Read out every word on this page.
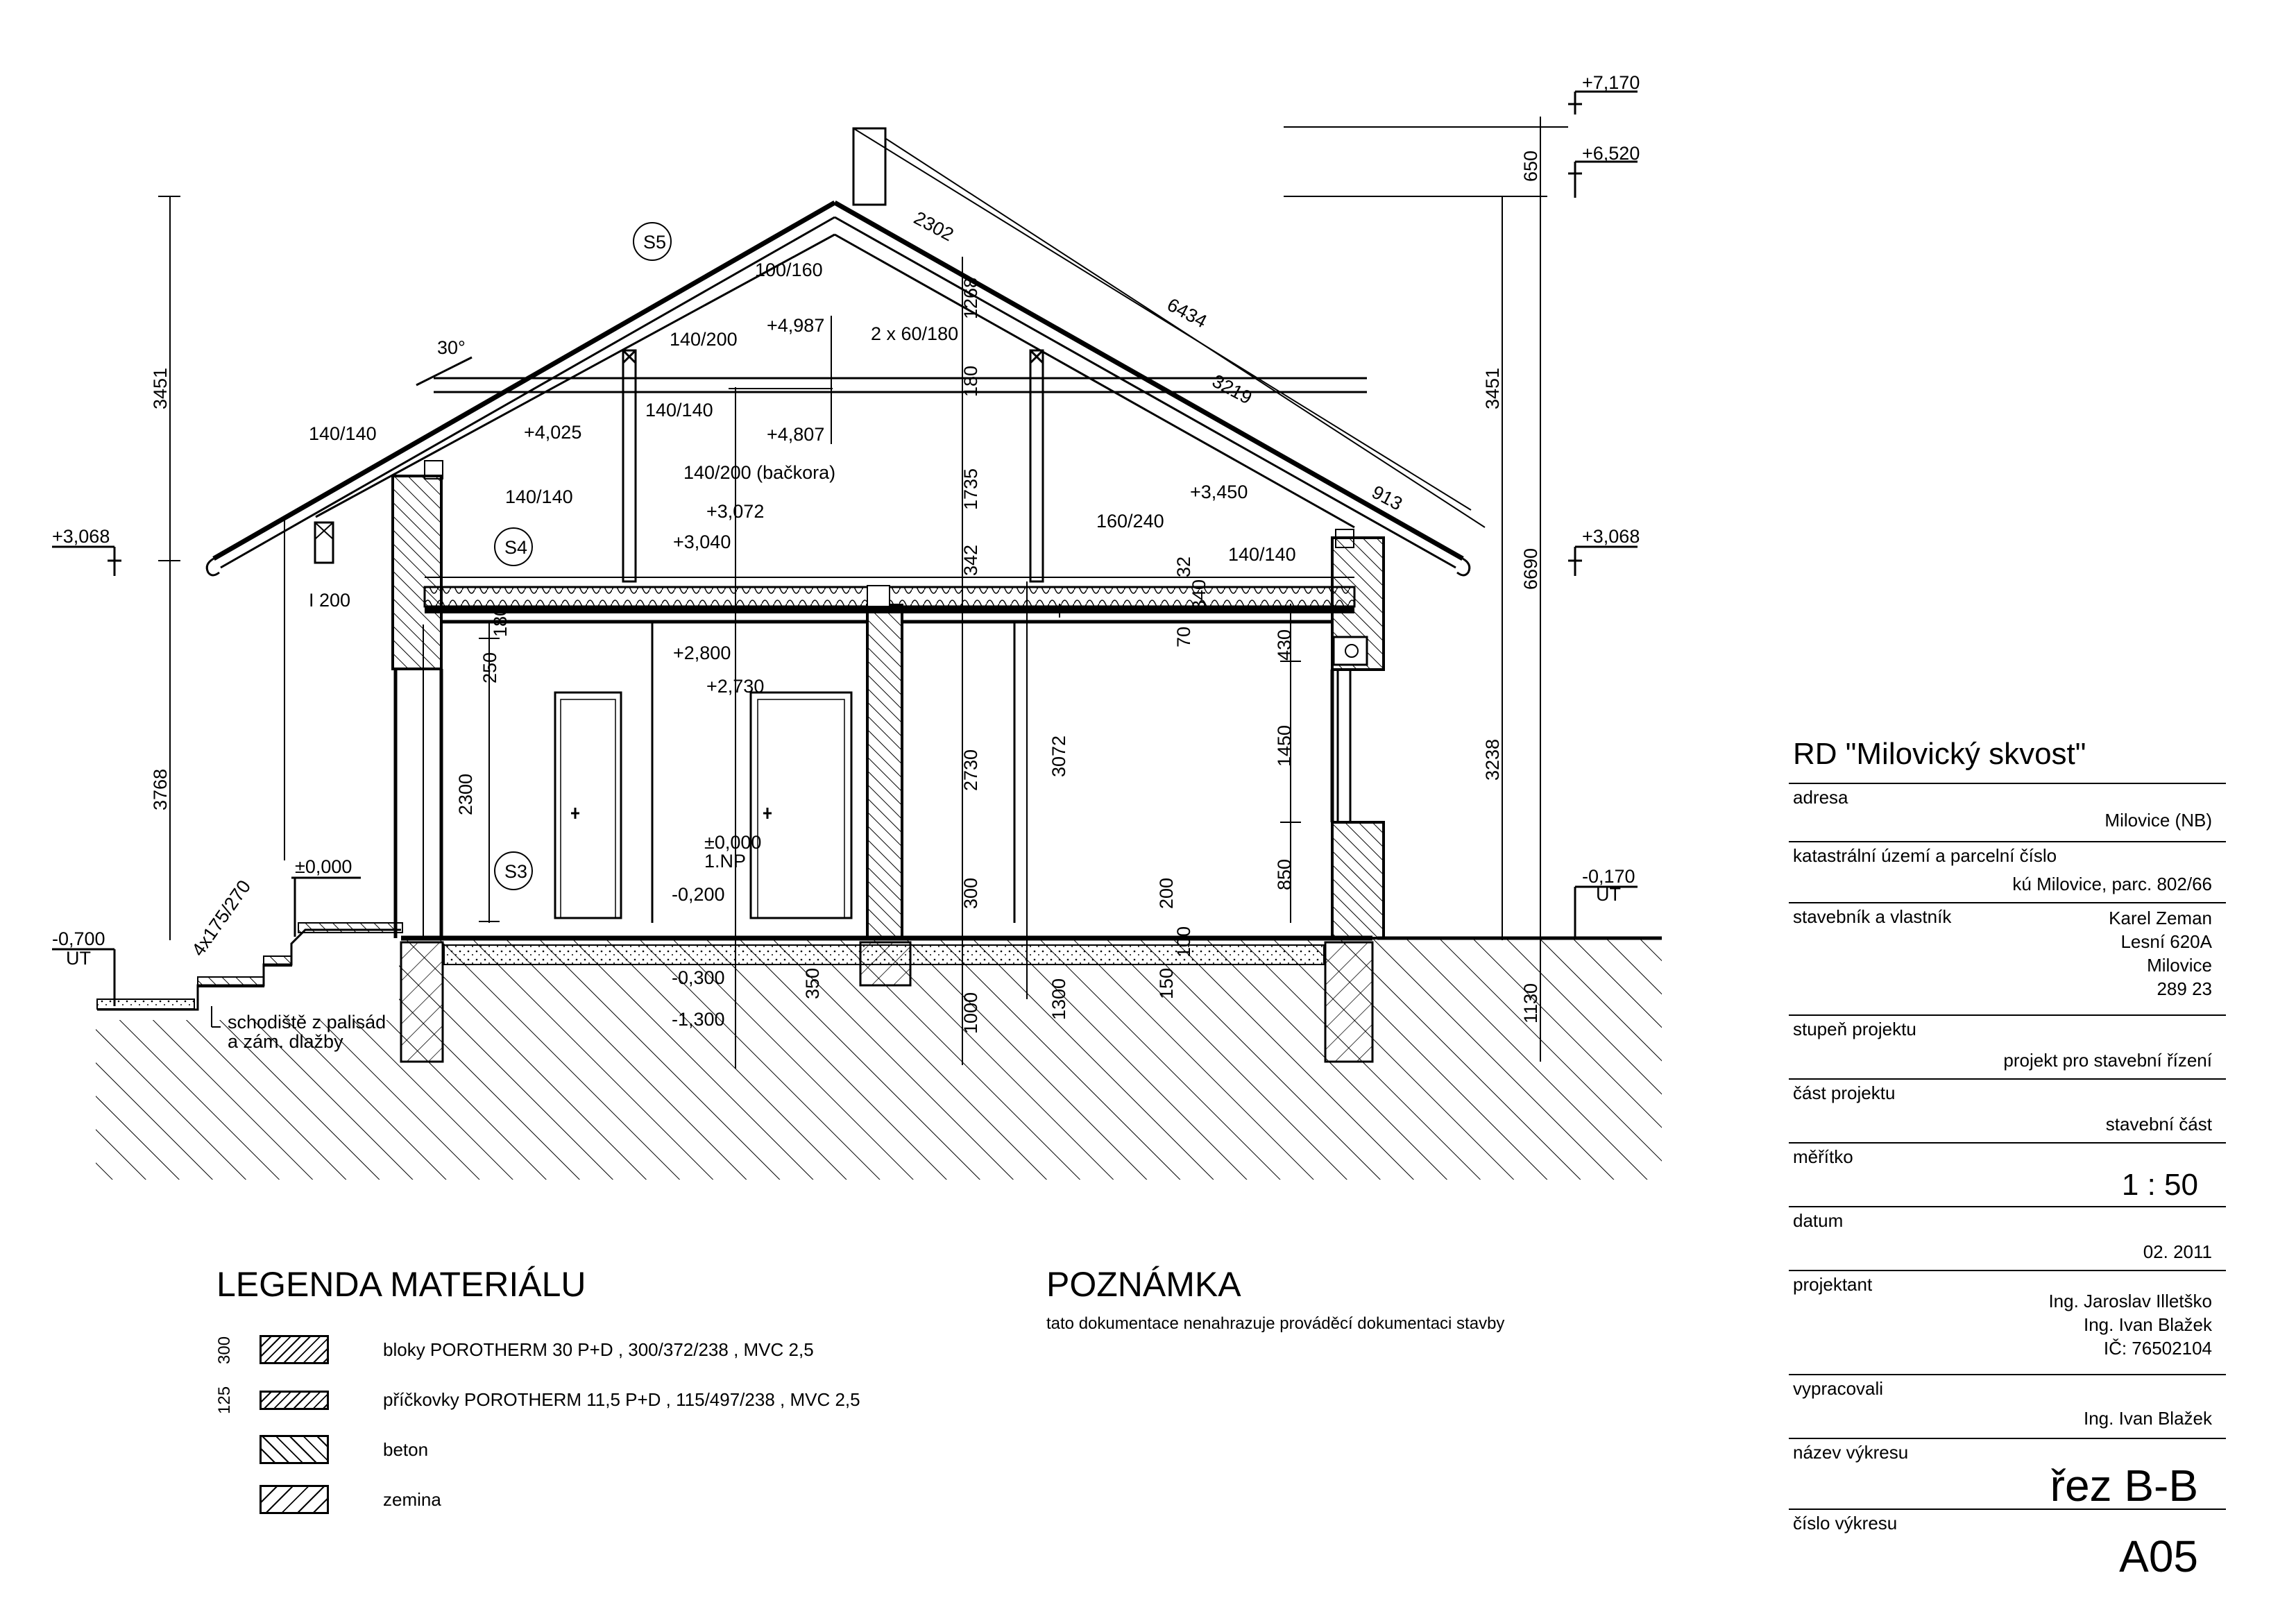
S5
S4
S3
30°
100/160
140/200	2 x 60/180
140/140
140/140
140/140
140/140
140/200 (bačkora)
160/240
I 200
1.NP
4x175/270
schodiště z palisád
a zám. dlažby
+7,170
+6,520
+3,068	+3,068
+4,987
+4,807
+4,025
+3,450
+3,072
+3,040
+2,800
+2,730
±0,000
±0,000
-0,200
-0,300
-1,300
-0,700
-0,170
UT
UT
3451
3768	2300
250
180
2302
6434
3219
913
1268
180
1735
342
2730	3072
300
1000	1300
350
32
340
70	430
1450
850
200
100
150
650
3451
6690
3238
1130
LEGENDA MATERIÁLU
300	bloky POROTHERM 30 P+D , 300/372/238 , MVC 2,5
125	příčkovky POROTHERM 11,5 P+D , 115/497/238 , MVC 2,5
beton
zemina
POZNÁMKA
tato dokumentace nenahrazuje prováděcí dokumentaci stavby
RD "Milovický skvost"
adresa
Milovice (NB)
katastrální území a parcelní číslo
kú Milovice, parc. 802/66
stavebník a vlastník	Karel Zeman
Lesní 620A
Milovice
289 23
stupeň projektu
projekt pro stavební řízení
část projektu
stavební část
měřítko
1 : 50
datum
02. 2011
projektant
Ing. Jaroslav Illetško
Ing. Ivan Blažek
IČ: 76502104
vypracovali
Ing. Ivan Blažek
název výkresu
řez B-B
číslo výkresu
A05
